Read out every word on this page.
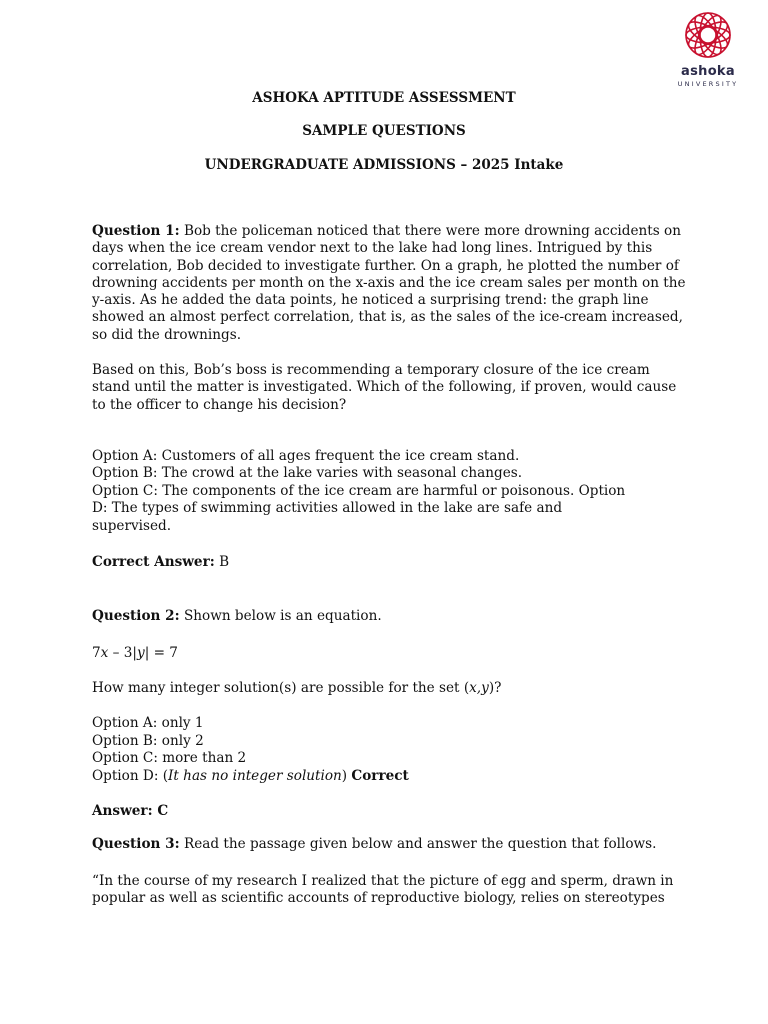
ashoka
UNIVERSITY
ASHOKA APTITUDE ASSESSMENT
SAMPLE QUESTIONS
UNDERGRADUATE ADMISSIONS – 2025 Intake
Question 1: Bob the policeman noticed that there were more drowning accidents on days when the ice cream vendor next to the lake had long lines. Intrigued by this correlation, Bob decided to investigate further. On a graph, he plotted the number of drowning accidents per month on the x-axis and the ice cream sales per month on the y-axis. As he added the data points, he noticed a surprising trend: the graph line showed an almost perfect correlation, that is, as the sales of the ice-cream increased, so did the drownings.
Based on this, Bob’s boss is recommending a temporary closure of the ice cream stand until the matter is investigated. Which of the following, if proven, would cause to the officer to change his decision?
Option A: Customers of all ages frequent the ice cream stand.
Option B: The crowd at the lake varies with seasonal changes.
Option C: The components of the ice cream are harmful or poisonous. Option
D: The types of swimming activities allowed in the lake are safe and
supervised.
Correct Answer: B
Question 2: Shown below is an equation.
7x – 3|y| = 7
How many integer solution(s) are possible for the set (x,y)?
Option A: only 1
Option B: only 2
Option C: more than 2
Option D: (It has no integer solution) Correct
Answer: C
Question 3: Read the passage given below and answer the question that follows.
“In the course of my research I realized that the picture of egg and sperm, drawn in popular as well as scientific accounts of reproductive biology, relies on stereotypes
